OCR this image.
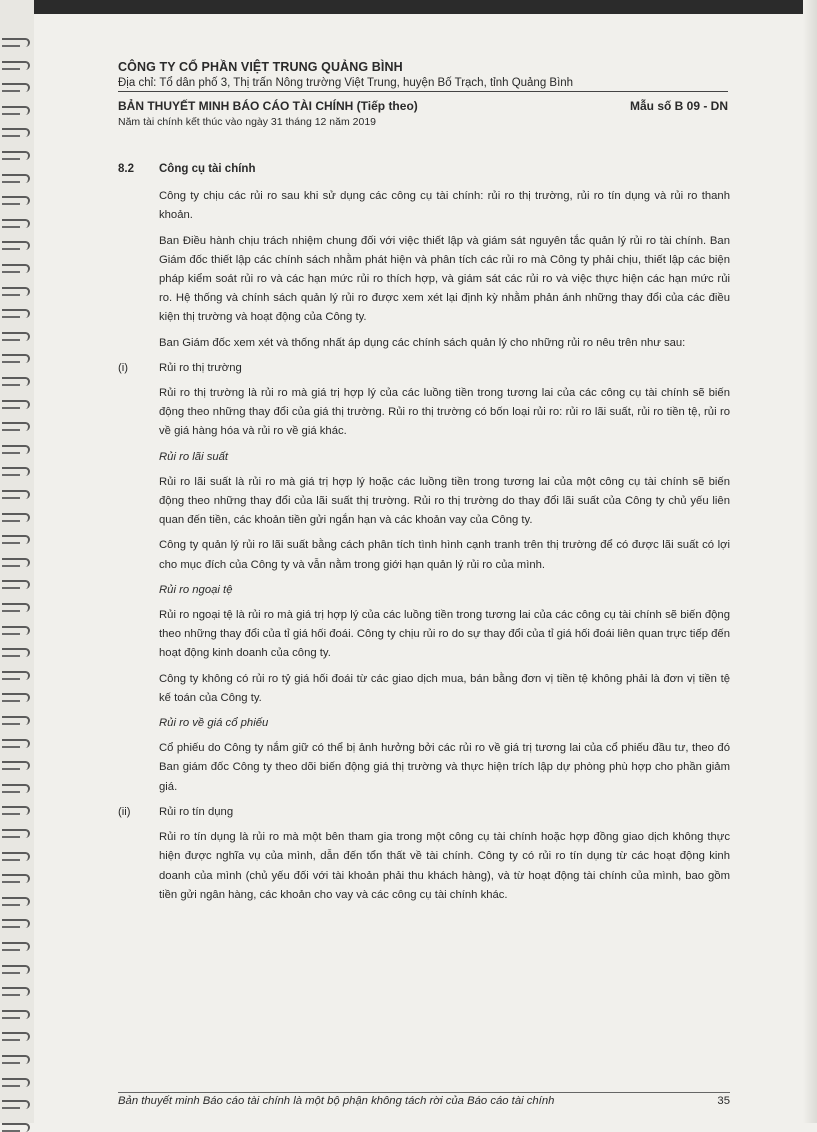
CÔNG TY CỔ PHẦN VIỆT TRUNG QUẢNG BÌNH
Địa chỉ: Tổ dân phố 3, Thị trấn Nông trường Việt Trung, huyện Bố Trạch, tỉnh Quảng Bình
BẢN THUYẾT MINH BÁO CÁO TÀI CHÍNH (Tiếp theo)	Mẫu số B 09 - DN
Năm tài chính kết thúc vào ngày 31 tháng 12 năm 2019
8.2	Công cụ tài chính

Công ty chịu các rủi ro sau khi sử dụng các công cụ tài chính: rủi ro thị trường, rủi ro tín dụng và rủi ro thanh khoản.

Ban Điều hành chịu trách nhiệm chung đối với việc thiết lập và giám sát nguyên tắc quản lý rủi ro tài chính. Ban Giám đốc thiết lập các chính sách nhằm phát hiện và phân tích các rủi ro mà Công ty phải chịu, thiết lập các biện pháp kiểm soát rủi ro và các hạn mức rủi ro thích hợp, và giám sát các rủi ro và việc thực hiện các hạn mức rủi ro. Hệ thống và chính sách quản lý rủi ro được xem xét lại định kỳ nhằm phản ánh những thay đổi của các điều kiện thị trường và hoạt động của Công ty.

Ban Giám đốc xem xét và thống nhất áp dụng các chính sách quản lý cho những rủi ro nêu trên như sau:

(i)	Rủi ro thị trường

Rủi ro thị trường là rủi ro mà giá trị hợp lý của các luồng tiền trong tương lai của các công cụ tài chính sẽ biến động theo những thay đổi của giá thị trường. Rủi ro thị trường có bốn loại rủi ro: rủi ro lãi suất, rủi ro tiền tệ, rủi ro về giá hàng hóa và rủi ro về giá khác.

Rủi ro lãi suất

Rủi ro lãi suất là rủi ro mà giá trị hợp lý hoặc các luồng tiền trong tương lai của một công cụ tài chính sẽ biến động theo những thay đổi của lãi suất thị trường. Rủi ro thị trường do thay đổi lãi suất của Công ty chủ yếu liên quan đến tiền, các khoản tiền gửi ngắn hạn và các khoản vay của Công ty.

Công ty quản lý rủi ro lãi suất bằng cách phân tích tình hình cạnh tranh trên thị trường để có được lãi suất có lợi cho mục đích của Công ty và vẫn nằm trong giới hạn quản lý rủi ro của mình.

Rủi ro ngoại tệ

Rủi ro ngoại tệ là rủi ro mà giá trị hợp lý của các luồng tiền trong tương lai của các công cụ tài chính sẽ biến động theo những thay đổi của tỉ giá hối đoái. Công ty chịu rủi ro do sự thay đổi của tỉ giá hối đoái liên quan trực tiếp đến hoạt động kinh doanh của công ty.

Công ty không có rủi ro tỷ giá hối đoái từ các giao dịch mua, bán bằng đơn vị tiền tệ không phải là đơn vị tiền tệ kế toán của Công ty.

Rủi ro về giá cổ phiếu

Cổ phiếu do Công ty nắm giữ có thể bị ảnh hưởng bởi các rủi ro về giá trị tương lai của cổ phiếu đầu tư, theo đó Ban giám đốc Công ty theo dõi biến động giá thị trường và thực hiện trích lập dự phòng phù hợp cho phần giảm giá.

(ii)	Rủi ro tín dụng

Rủi ro tín dụng là rủi ro mà một bên tham gia trong một công cụ tài chính hoặc hợp đồng giao dịch không thực hiện được nghĩa vụ của mình, dẫn đến tổn thất về tài chính. Công ty có rủi ro tín dụng từ các hoạt động kinh doanh của mình (chủ yếu đối với tài khoản phải thu khách hàng), và từ hoạt động tài chính của mình, bao gồm tiền gửi ngân hàng, các khoản cho vay và các công cụ tài chính khác.

Bản thuyết minh Báo cáo tài chính là một bộ phận không tách rời của Báo cáo tài chính	35
